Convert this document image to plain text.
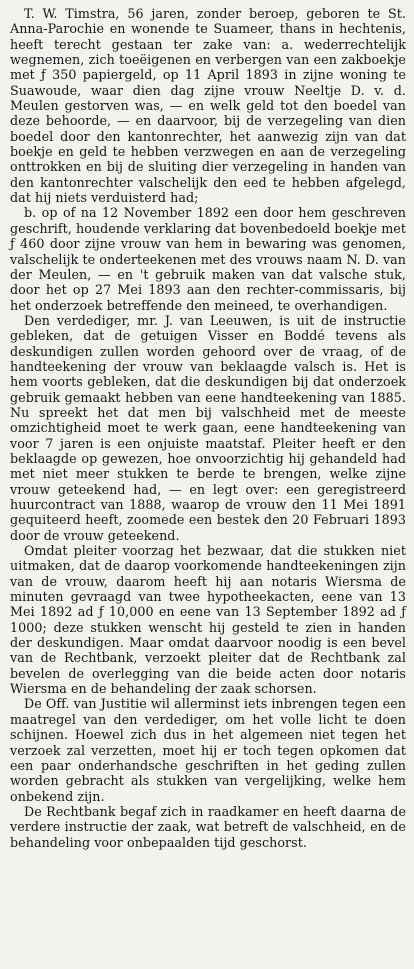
T. W. Timstra, 56 jaren, zonder beroep, geboren te St. Anna-Parochie en wonende te Suameer, thans in hechtenis, heeft terecht gestaan ter zake van: a. wederrechtelijk wegnemen, zich toeëigenen en verbergen van een zakboekje met ƒ 350 papiergeld, op 11 April 1893 in zijne woning te Suawoude, waar dien dag zijne vrouw Neeltje D. v. d. Meulen gestorven was, — en welk geld tot den boedel van deze behoorde, — en daarvoor, bij de verzegeling van dien boedel door den kantonrechter, het aanwezig zijn van dat boekje en geld te hebben verzwegen en aan de verzegeling onttrokken en bij de sluiting dier verzegeling in handen van den kantonrechter valschelijk den eed te hebben afgelegd, dat hij niets verduisterd had;

b. op of na 12 November 1892 een door hem geschreven geschrift, houdende verklaring dat bovenbedoeld boekje met ƒ 460 door zijne vrouw van hem in bewaring was genomen, valschelijk te onderteekenen met des vrouws naam N. D. van der Meulen, — en 't gebruik maken van dat valsche stuk, door het op 27 Mei 1893 aan den rechter-commissaris, bij het onderzoek betreffende den meineed, te overhandigen.

Den verdediger, mr. J. van Leeuwen, is uit de instructie gebleken, dat de getuigen Visser en Boddé tevens als deskundigen zullen worden gehoord over de vraag, of de handteekening der vrouw van beklaagde valsch is. Het is hem voorts gebleken, dat die deskundigen bij dat onderzoek gebruik gemaakt hebben van eene handteekening van 1885. Nu spreekt het dat men bij valschheid met de meeste omzichtigheid moet te werk gaan, eene handteekening van voor 7 jaren is een onjuiste maatstaf. Pleiter heeft er den beklaagde op gewezen, hoe onvoorzichtig hij gehandeld had met niet meer stukken te berde te brengen, welke zijne vrouw geteekend had, — en legt over: een geregistreerd huurcontract van 1888, waarop de vrouw den 11 Mei 1891 gequiteerd heeft, zoomede een bestek den 20 Februari 1893 door de vrouw geteekend.

Omdat pleiter voorzag het bezwaar, dat die stukken niet uitmaken, dat de daarop voorkomende handteekeningen zijn van de vrouw, daarom heeft hij aan notaris Wiersma de minuten gevraagd van twee hypotheekacten, eene van 13 Mei 1892 ad ƒ 10,000 en eene van 13 September 1892 ad ƒ 1000; deze stukken wenscht hij gesteld te zien in handen der deskundigen. Maar omdat daarvoor noodig is een bevel van de Rechtbank, verzoekt pleiter dat de Rechtbank zal bevelen de overlegging van die beide acten door notaris Wiersma en de behandeling der zaak schorsen.

De Off. van Justitie wil allerminst iets inbrengen tegen een maatregel van den verdediger, om het volle licht te doen schijnen. Hoewel zich dus in het algemeen niet tegen het verzoek zal verzetten, moet hij er toch tegen opkomen dat een paar onderhandsche geschriften in het geding zullen worden gebracht als stukken van vergelijking, welke hem onbekend zijn.

De Rechtbank begaf zich in raadkamer en heeft daarna de verdere instructie der zaak, wat betreft de valschheid, en de behandeling voor onbepaalden tijd geschorst.
